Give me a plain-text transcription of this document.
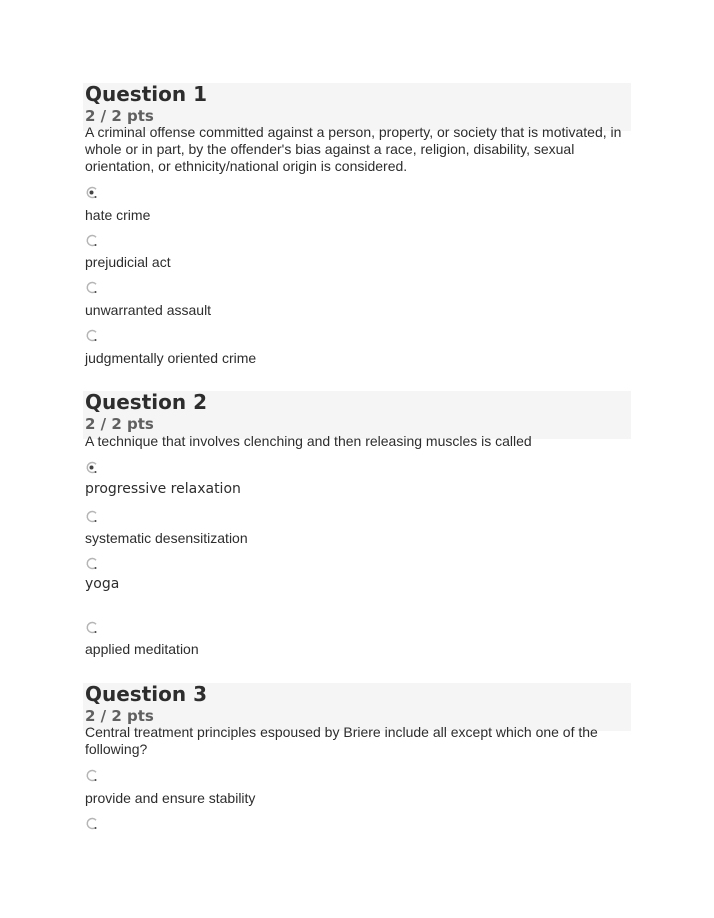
Question 1
2 / 2 pts
A criminal offense committed against a person, property, or society that is motivated, in whole or in part, by the offender's bias against a race, religion, disability, sexual orientation, or ethnicity/national origin is considered.
hate crime
prejudicial act
unwarranted assault
judgmentally oriented crime
Question 2
2 / 2 pts
A technique that involves clenching and then releasing muscles is called
progressive relaxation
systematic desensitization
yoga
applied meditation
Question 3
2 / 2 pts
Central treatment principles espoused by Briere include all except which one of the following?
provide and ensure stability
